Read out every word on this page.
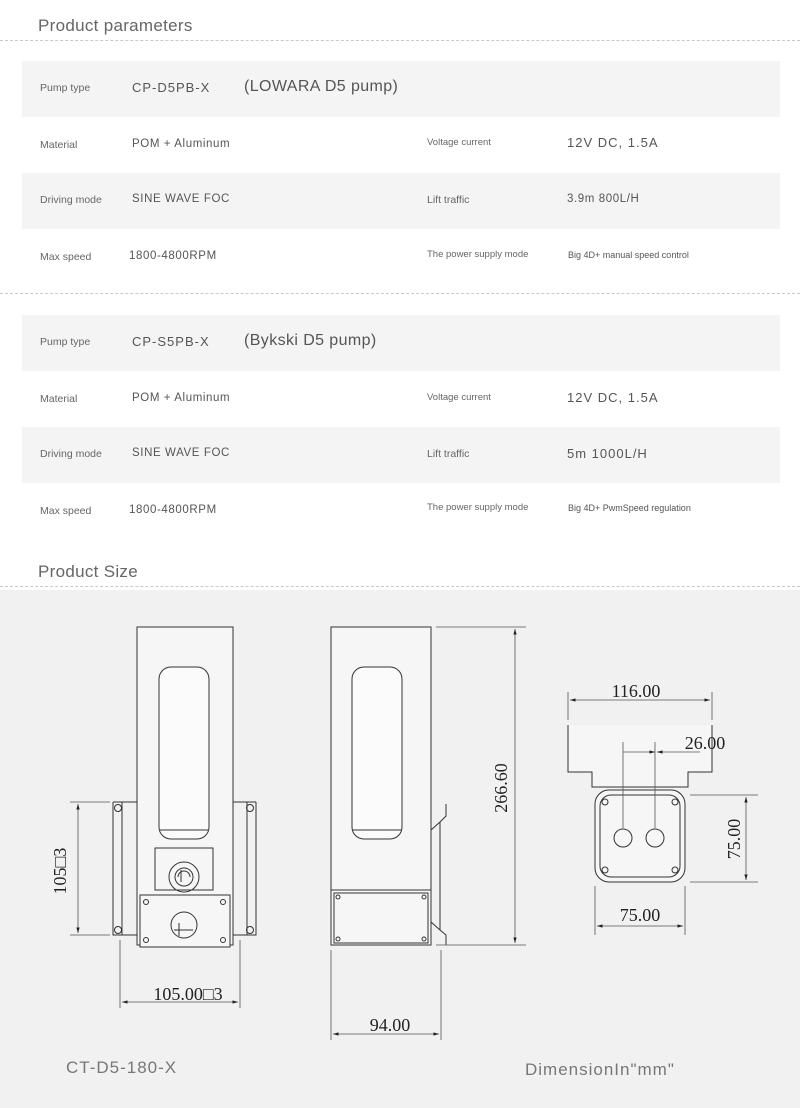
Product parameters
Pump type	CP-D5PB-X (LOWARA D5 pump)
Material	POM + Aluminum	Voltage current	12V DC, 1.5A
Driving mode	SINE WAVE FOC	Lift traffic	3.9m 800L/H
Max speed	1800-4800RPM	The power supply mode	Big 4D+ manual speed control
Pump type	CP-S5PB-X (Bykski D5 pump)
Material	POM + Aluminum	Voltage current	12V DC, 1.5A
Driving mode	SINE WAVE FOC	Lift traffic	5m 1000L/H
Max speed	1800-4800RPM	The power supply mode	Big 4D+ PwmSpeed regulation
Product Size
105□3
105.00□3
266.60
94.00
116.00
26.00
75.00
75.00
CT-D5-180-X	DimensionIn"mm"
